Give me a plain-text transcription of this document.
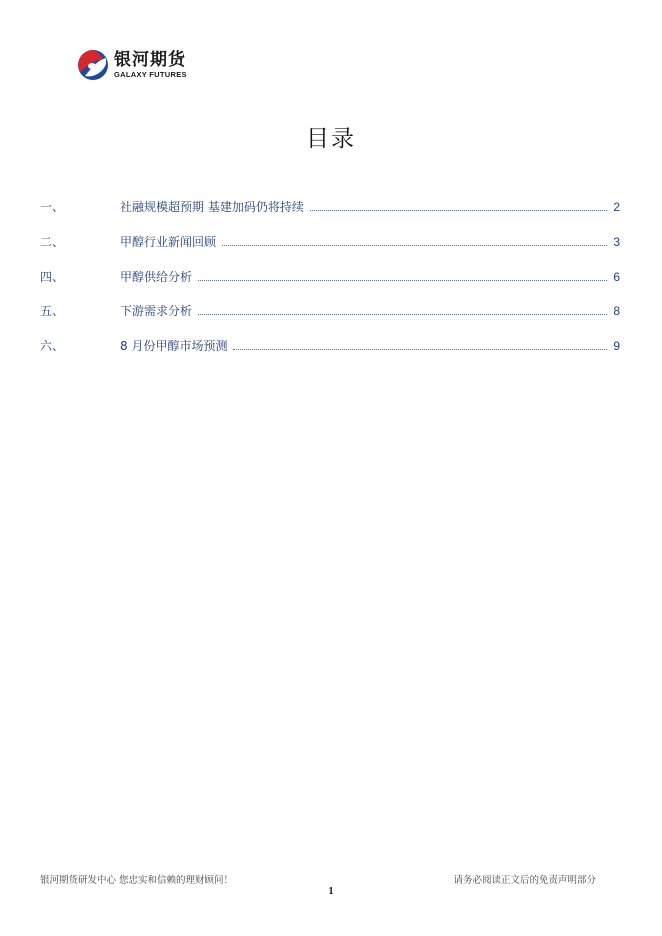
银河期货
GALAXY FUTURES
目录
一、	社融规模超预期 基建加码仍将持续	2
二、	甲醇行业新闻回顾	3
四、	甲醇供给分析	6
五、	下游需求分析	8
六、	8 月份甲醇市场预测	9
银河期货研发中心 您忠实和信赖的理财顾问！	请务必阅读正文后的免责声明部分
1
